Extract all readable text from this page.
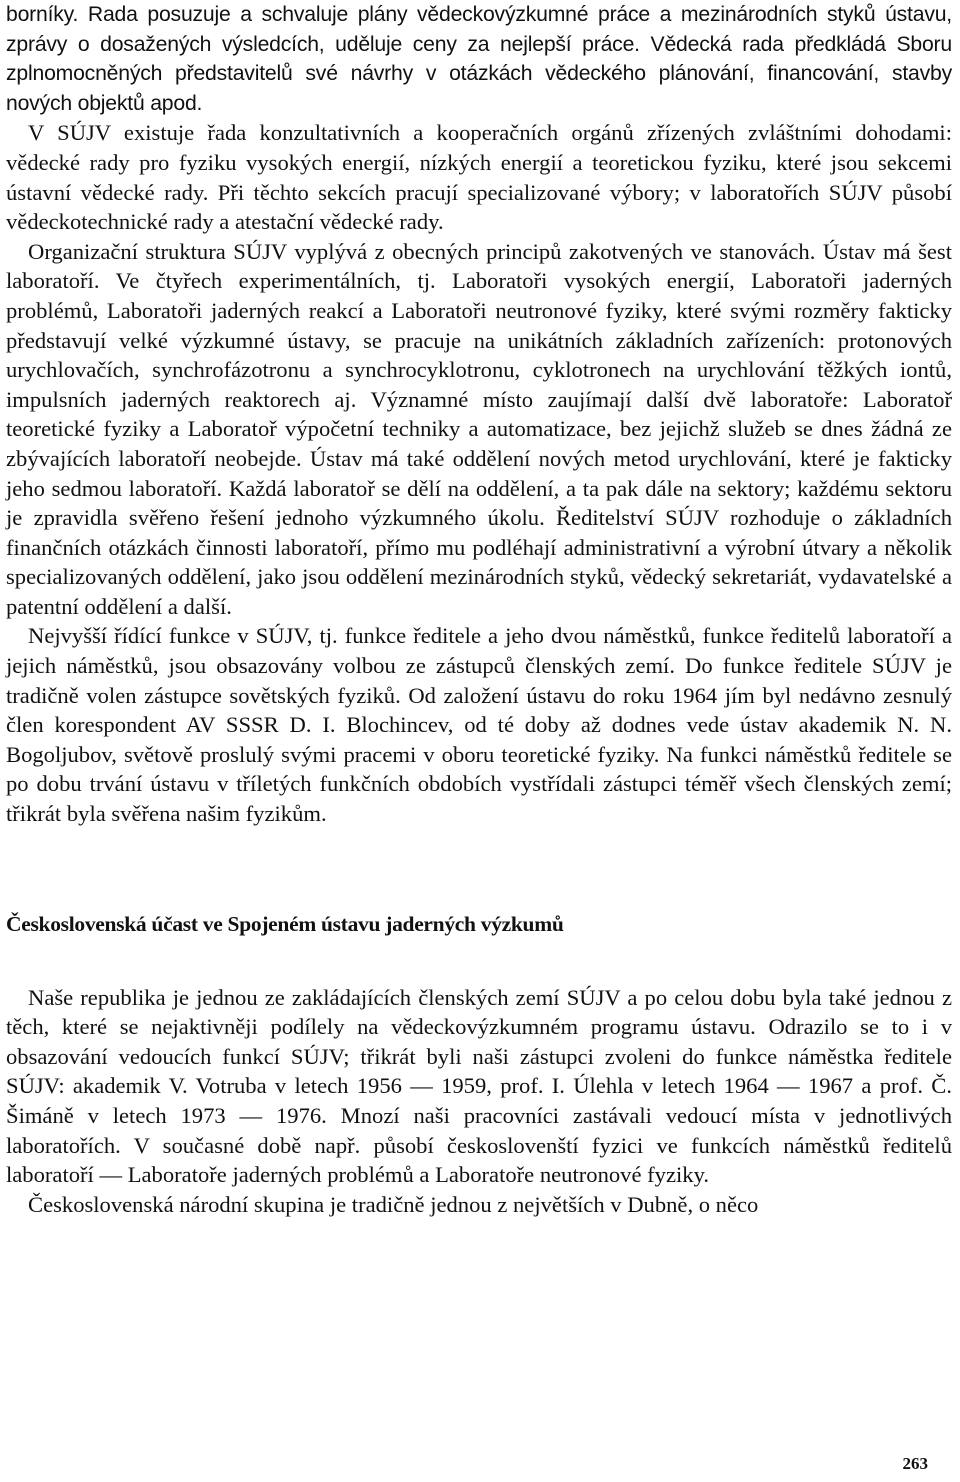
borníky. Rada posuzuje a schvaluje plány vědeckovýzkumné práce a mezinárodních styků ústavu, zprávy o dosažených výsledcích, uděluje ceny za nejlepší práce. Vědecká rada předkládá Sboru zplnomocněných představitelů své návrhy v otázkách vědeckého plánování, financování, stavby nových objektů apod.

V SÚJV existuje řada konzultativních a kooperačních orgánů zřízených zvláštními dohodami: vědecké rady pro fyziku vysokých energií, nízkých energií a teoretickou fyziku, které jsou sekcemi ústavní vědecké rady. Při těchto sekcích pracují specializované výbory; v laboratořích SÚJV působí vědeckotechnické rady a atestační vědecké rady.

Organizační struktura SÚJV vyplývá z obecných principů zakotvených ve stanovách. Ústav má šest laboratoří. Ve čtyřech experimentálních, tj. Laboratoři vysokých energií, Laboratoři jaderných problémů, Laboratoři jaderných reakcí a Laboratoři neutronové fyziky, které svými rozměry fakticky představují velké výzkumné ústavy, se pracuje na unikátních základních zařízeních: protonových urychlovačích, synchrofázotronu a synchrocyklotronu, cyklotronech na urychlování těžkých iontů, impulsních jaderných reaktorech aj. Významné místo zaujímají další dvě laboratoře: Laboratoř teoretické fyziky a Laboratoř výpočetní techniky a automatizace, bez jejichž služeb se dnes žádná ze zbývajících laboratoří neobejde. Ústav má také oddělení nových metod urychlování, které je fakticky jeho sedmou laboratoří. Každá laboratoř se dělí na oddělení, a ta pak dále na sektory; každému sektoru je zpravidla svěřeno řešení jednoho výzkumného úkolu. Ředitelství SÚJV rozhoduje o základních finančních otázkách činnosti laboratoří, přímo mu podléhají administrativní a výrobní útvary a několik specializovaných oddělení, jako jsou oddělení mezinárodních styků, vědecký sekretariát, vydavatelské a patentní oddělení a další.

Nejvyšší řídící funkce v SÚJV, tj. funkce ředitele a jeho dvou náměstků, funkce ředitelů laboratoří a jejich náměstků, jsou obsazovány volbou ze zástupců členských zemí. Do funkce ředitele SÚJV je tradičně volen zástupce sovětských fyziků. Od založení ústavu do roku 1964 jím byl nedávno zesnulý člen korespondent AV SSSR D. I. Blochincev, od té doby až dodnes vede ústav akademik N. N. Bogoljubov, světově proslulý svými pracemi v oboru teoretické fyziky. Na funkci náměstků ředitele se po dobu trvání ústavu v tříletých funkčních obdobích vystřídali zástupci téměř všech členských zemí; třikrát byla svěřena našim fyzikům.

Československá účast ve Spojeném ústavu jaderných výzkumů

Naše republika je jednou ze zakládajících členských zemí SÚJV a po celou dobu byla také jednou z těch, které se nejaktivněji podílely na vědeckovýzkumném programu ústavu. Odrazilo se to i v obsazování vedoucích funkcí SÚJV; třikrát byli naši zástupci zvoleni do funkce náměstka ředitele SÚJV: akademik V. Votruba v letech 1956 — 1959, prof. I. Úlehla v letech 1964 — 1967 a prof. Č. Šimáně v letech 1973 — 1976. Mnozí naši pracovníci zastávali vedoucí místa v jednotlivých laboratořích. V současné době např. působí českoslovenští fyzici ve funkcích náměstků ředitelů laboratoří — Laboratoře jaderných problémů a Laboratoře neutronové fyziky.

Československá národní skupina je tradičně jednou z největších v Dubně, o něco

263
